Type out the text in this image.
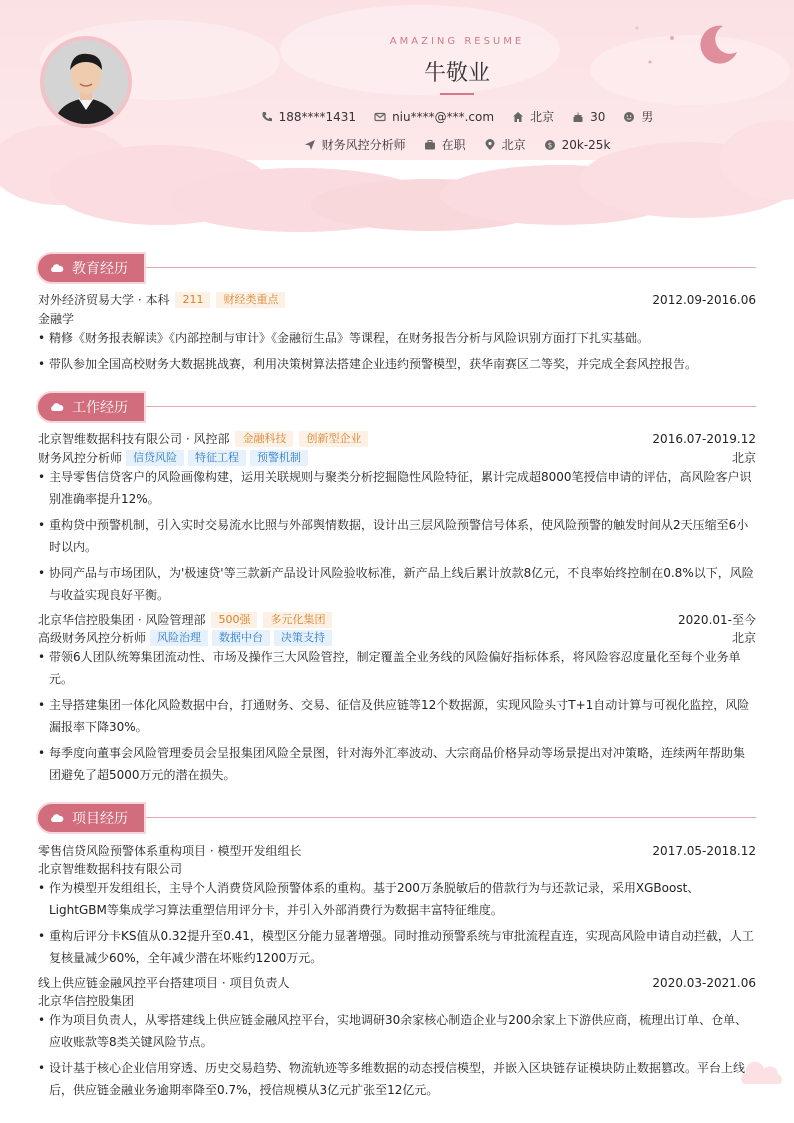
AMAZING RESUME
牛敬业
188****1431	niu****@***.com	北京	30	男
财务风控分析师	在职	北京	$ 20k-25k
教育经历
对外经济贸易大学 · 本科	211	财经类重点	2012.09-2016.06
金融学
• 精修《财务报表解读》《内部控制与审计》《金融衍生品》等课程，在财务报告分析与风险识别方面打下扎实基础。
• 带队参加全国高校财务大数据挑战赛，利用决策树算法搭建企业违约预警模型，获华南赛区二等奖，并完成全套风控报告。
工作经历
北京智维数据科技有限公司 · 风控部	金融科技	创新型企业	2016.07-2019.12
财务风控分析师	信贷风险	特征工程	预警机制	北京
• 主导零售信贷客户的风险画像构建，运用关联规则与聚类分析挖掘隐性风险特征，累计完成超8000笔授信申请的评估，高风险客户识别准确率提升12%。
• 重构贷中预警机制，引入实时交易流水比照与外部舆情数据，设计出三层风险预警信号体系，使风险预警的触发时间从2天压缩至6小时以内。
• 协同产品与市场团队，为'极速贷'等三款新产品设计风险验收标准，新产品上线后累计放款8亿元，不良率始终控制在0.8%以下，风险与收益实现良好平衡。
北京华信控股集团 · 风险管理部	500强	多元化集团	2020.01-至今
高级财务风控分析师	风险治理	数据中台	决策支持	北京
• 带领6人团队统筹集团流动性、市场及操作三大风险管控，制定覆盖全业务线的风险偏好指标体系，将风险容忍度量化至每个业务单元。
• 主导搭建集团一体化风险数据中台，打通财务、交易、征信及供应链等12个数据源，实现风险头寸T+1自动计算与可视化监控，风险漏报率下降30%。
• 每季度向董事会风险管理委员会呈报集团风险全景图，针对海外汇率波动、大宗商品价格异动等场景提出对冲策略，连续两年帮助集团避免了超5000万元的潜在损失。
项目经历
零售信贷风险预警体系重构项目 · 模型开发组组长	2017.05-2018.12
北京智维数据科技有限公司
• 作为模型开发组组长，主导个人消费贷风险预警体系的重构。基于200万条脱敏后的借款行为与还款记录，采用XGBoost、LightGBM等集成学习算法重塑信用评分卡，并引入外部消费行为数据丰富特征维度。
• 重构后评分卡KS值从0.32提升至0.41，模型区分能力显著增强。同时推动预警系统与审批流程直连，实现高风险申请自动拦截，人工复核量减少60%，全年减少潜在坏账约1200万元。
线上供应链金融风控平台搭建项目 · 项目负责人	2020.03-2021.06
北京华信控股集团
• 作为项目负责人，从零搭建线上供应链金融风控平台，实地调研30余家核心制造企业与200余家上下游供应商，梳理出订单、仓单、应收账款等8类关键风险节点。
• 设计基于核心企业信用穿透、历史交易趋势、物流轨迹等多维数据的动态授信模型，并嵌入区块链存证模块防止数据篡改。平台上线后，供应链金融业务逾期率降至0.7%，授信规模从3亿元扩张至12亿元。
